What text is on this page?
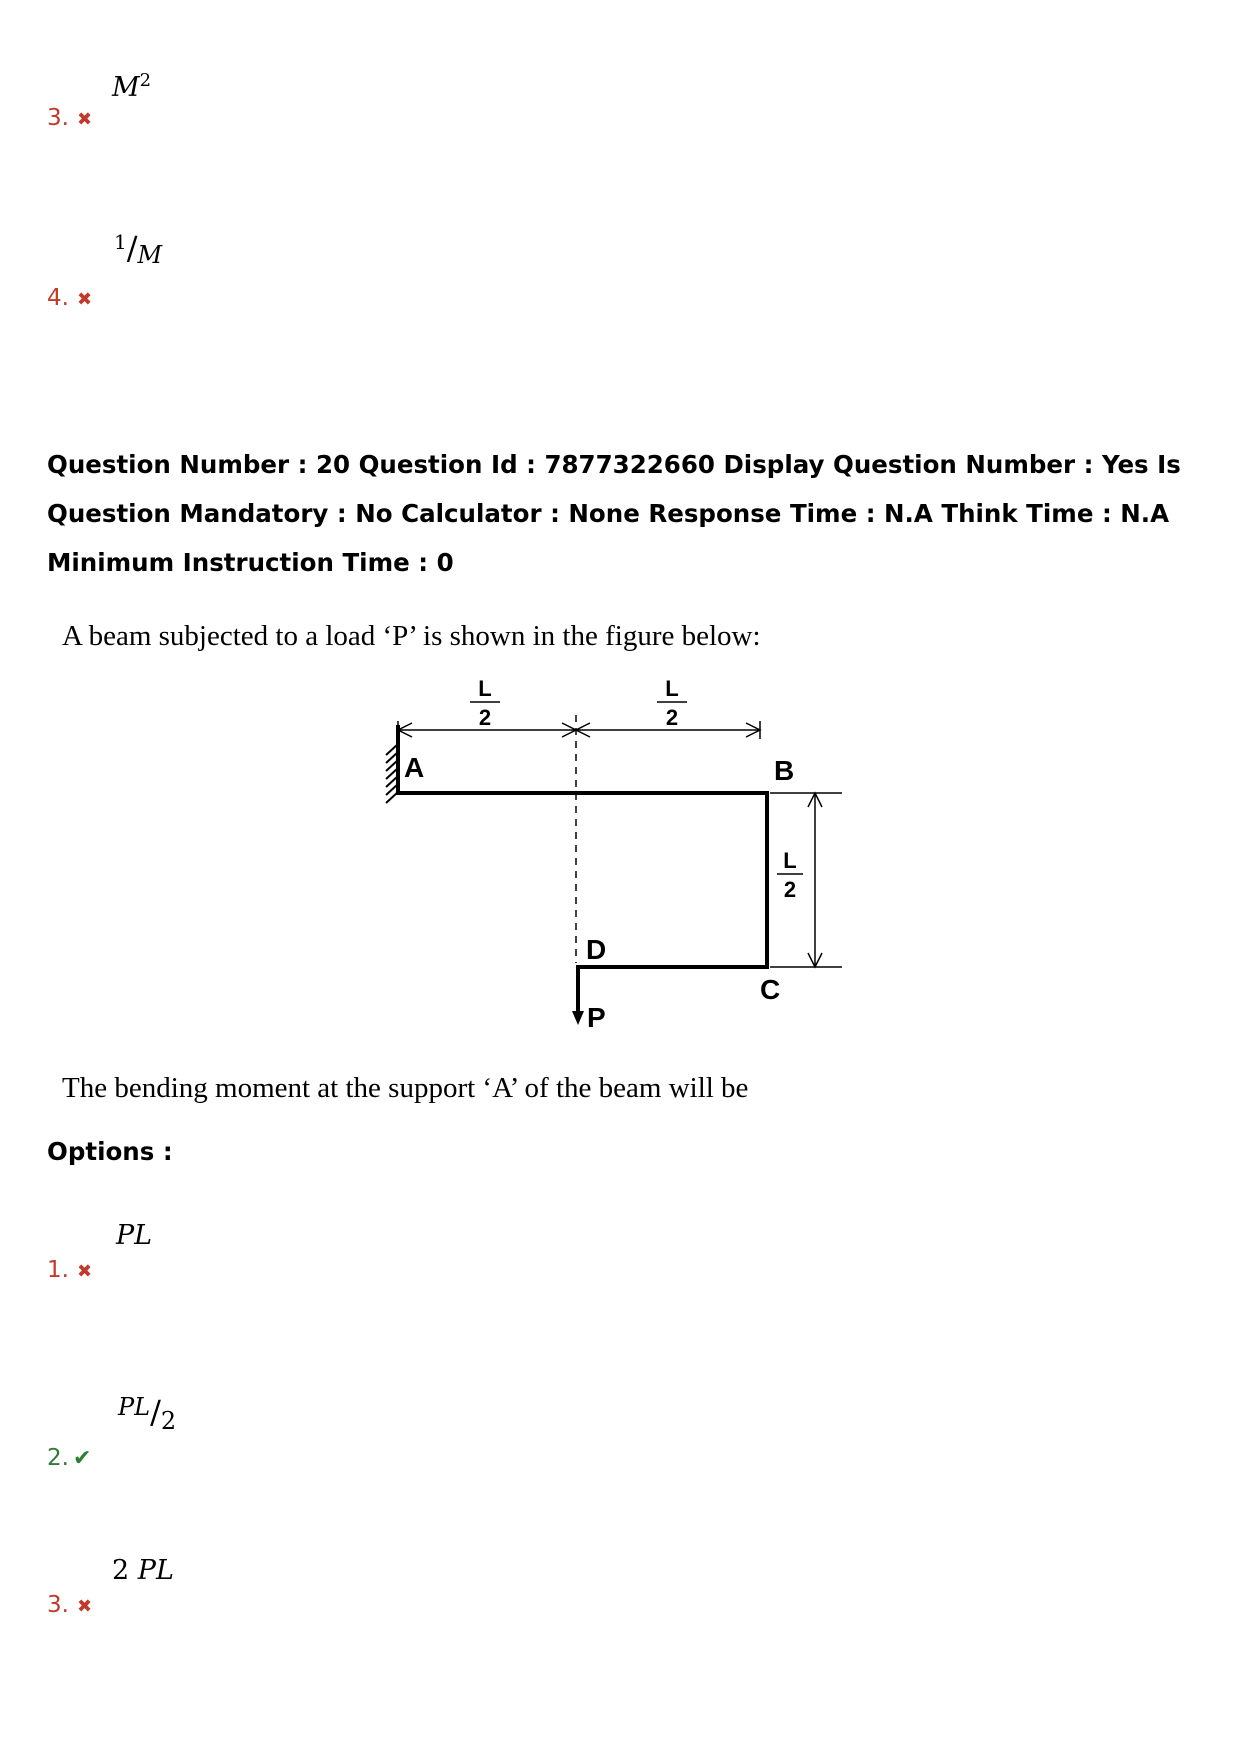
$M^2$
3. ✖
$^1/_M$
4. ✖
Question Number : 20 Question Id : 7877322660 Display Question Number : Yes Is Question Mandatory : No Calculator : None Response Time : N.A Think Time : N.A Minimum Instruction Time : 0
A beam subjected to a load ‘P’ is shown in the figure below:
L
2
L
2
L
2
A	B
C
D
P
The bending moment at the support ‘A’ of the beam will be
Options :
PL
1. ✖
$^{PL}/_2$
2. ✔
2 PL
3. ✖
